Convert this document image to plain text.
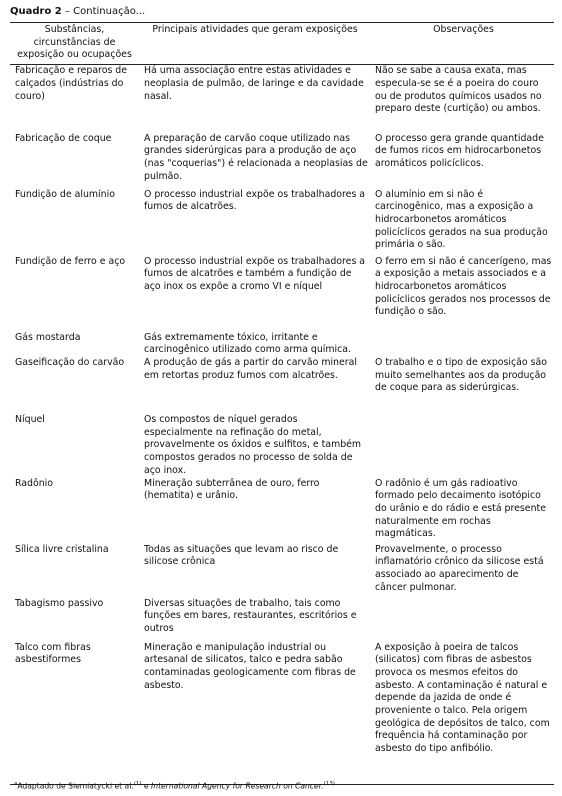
Quadro 2 – Continuação...
Substâncias, circunstâncias de exposição ou ocupações	Principais atividades que geram exposições	Observações
Fabricação e reparos de calçados (indústrias do couro)	Há uma associação entre estas atividades e neoplasia de pulmão, de laringe e da cavidade nasal.	Não se sabe a causa exata, mas especula-se se é a poeira do couro ou de produtos químicos usados no preparo deste (curtição) ou ambos.
Fabricação de coque	A preparação de carvão coque utilizado nas grandes siderúrgicas para a produção de aço (nas "coquerias") é relacionada a neoplasias de pulmão.	O processo gera grande quantidade de fumos ricos em hidrocarbonetos aromáticos policíclicos.
Fundição de alumínio	O processo industrial expõe os trabalhadores a fumos de alcatrões.	O alumínio em si não é carcinogênico, mas a exposição a hidrocarbonetos aromáticos policíclicos gerados na sua produção primária o são.
Fundição de ferro e aço	O processo industrial expõe os trabalhadores a fumos de alcatrões e também a fundição de aço inox os expõe a cromo VI e níquel	O ferro em si não é cancerígeno, mas a exposição a metais associados e a hidrocarbonetos aromáticos policíclicos gerados nos processos de fundição o são.
Gás mostarda	Gás extremamente tóxico, irritante e carcinogênico utilizado como arma química.	
Gaseificação do carvão	A produção de gás a partir do carvão mineral em retortas produz fumos com alcatrões.	O trabalho e o tipo de exposição são muito semelhantes aos da produção de coque para as siderúrgicas.
Níquel	Os compostos de níquel gerados especialmente na refinação do metal, provavelmente os óxidos e sulfitos, e também compostos gerados no processo de solda de aço inox.	
Radônio	Mineração subterrânea de ouro, ferro (hematita) e urânio.	O radônio é um gás radioativo formado pelo decaimento isotópico do urânio e do rádio e está presente naturalmente em rochas magmáticas.
Sílica livre cristalina	Todas as situações que levam ao risco de silicose crônica	Provavelmente, o processo inflamatório crônico da silicose está associado ao aparecimento de câncer pulmonar.
Tabagismo passivo	Diversas situações de trabalho, tais como funções em bares, restaurantes, escritórios e outros	
Talco com fibras asbestiformes	Mineração e manipulação industrial ou artesanal de silicatos, talco e pedra sabão contaminadas geologicamente com fibras de asbesto.	A exposição à poeira de talcos (silicatos) com fibras de asbestos provoca os mesmos efeitos do asbesto. A contaminação é natural e depende da jazida de onde é proveniente o talco. Pela origem geológica de depósitos de talco, com frequência há contaminação por asbesto do tipo anfibólio.
$^a$Adaptado de Siemiatycki et al.$^{(1)}$ e International Agency for Research on Cancer.$^{(13)}$
